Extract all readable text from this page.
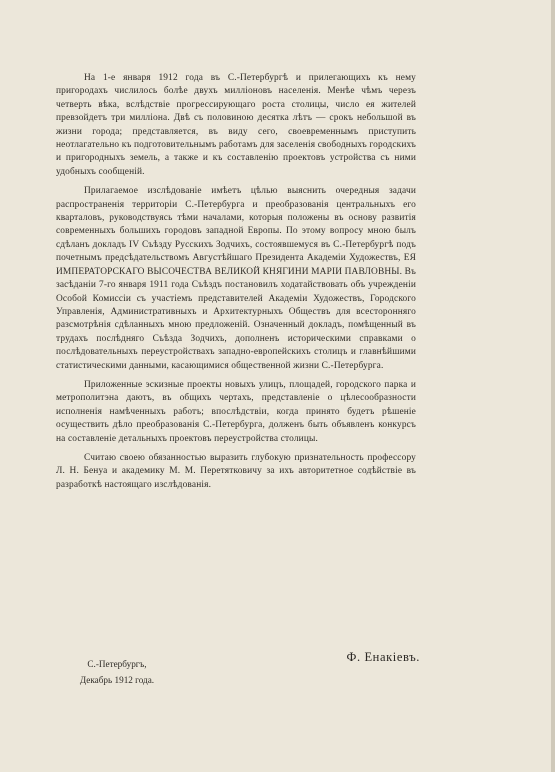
На 1-е января 1912 года въ С.-Петербургѣ и прилегающихъ къ нему пригородахъ числилось болѣе двухъ миллiоновъ населенiя. Менѣе чѣмъ черезъ четверть вѣка, вслѣдствiе прогрессирующаго роста столицы, число ея жителей превзойдетъ три миллiона. Двѣ съ половиною десятка лѣтъ — срокъ небольшой въ жизни города; представляется, въ виду сего, своевременнымъ приступить неотлагательно къ подготовительнымъ работамъ для заселенiя свободныхъ городскихъ и пригородныхъ земель, а также и къ составленiю проектовъ устройства съ ними удобныхъ сообщенiй.

Прилагаемое изслѣдованiе имѣетъ цѣлью выяснить очередныя задачи распространенiя территорiи С.-Петербурга и преобразованiя центральныхъ его кварталовъ, руководствуясь тѣми началами, которыя положены въ основу развитiя современныхъ большихъ городовъ западной Европы. По этому вопросу мною былъ сдѣланъ докладъ IV Съѣзду Русскихъ Зодчихъ, состоявшемуся въ С.-Петербургѣ подъ почетнымъ предсѣдательствомъ Августѣйшаго Президента Академiи Художествъ, ЕЯ ИМПЕРАТОРСКАГО ВЫСОЧЕСТВА ВЕЛИКОЙ КНЯГИНИ МАРIИ ПАВЛОВНЫ. Въ засѣданiи 7-го января 1911 года Съѣздъ постановилъ ходатайствовать объ учрежденiи Особой Комиссiи съ участiемъ представителей Академiи Художествъ, Городского Управленiя, Административныхъ и Архитектурныхъ Обществъ для всесторонняго разсмотрѣнiя сдѣланныхъ мною предложенiй. Означенный докладъ, помѣщенный въ трудахъ послѣдняго Съѣзда Зодчихъ, дополненъ историческими справками о послѣдовательныхъ переустройствахъ западно-европейскихъ столицъ и главнѣйшими статистическими данными, касающимися общественной жизни С.-Петербурга.

Приложенные эскизные проекты новыхъ улицъ, площадей, городского парка и метрополитэна даютъ, въ общихъ чертахъ, представленiе о цѣлесообразности исполненiя намѣченныхъ работъ; впослѣдствiи, когда принято будетъ рѣшенiе осуществить дѣло преобразованiя С.-Петербурга, долженъ быть объявленъ конкурсъ на составленiе детальныхъ проектовъ переустройства столицы.

Считаю своею обязанностью выразить глубокую признательность профессору Л. Н. Бенуа и академику М. М. Перетятковичу за ихъ авторитетное содѣйствiе въ разработкѣ настоящаго изслѣдованiя.

С.-Петербургъ,
Декабрь 1912 года.
Ф. Енакiевъ.
